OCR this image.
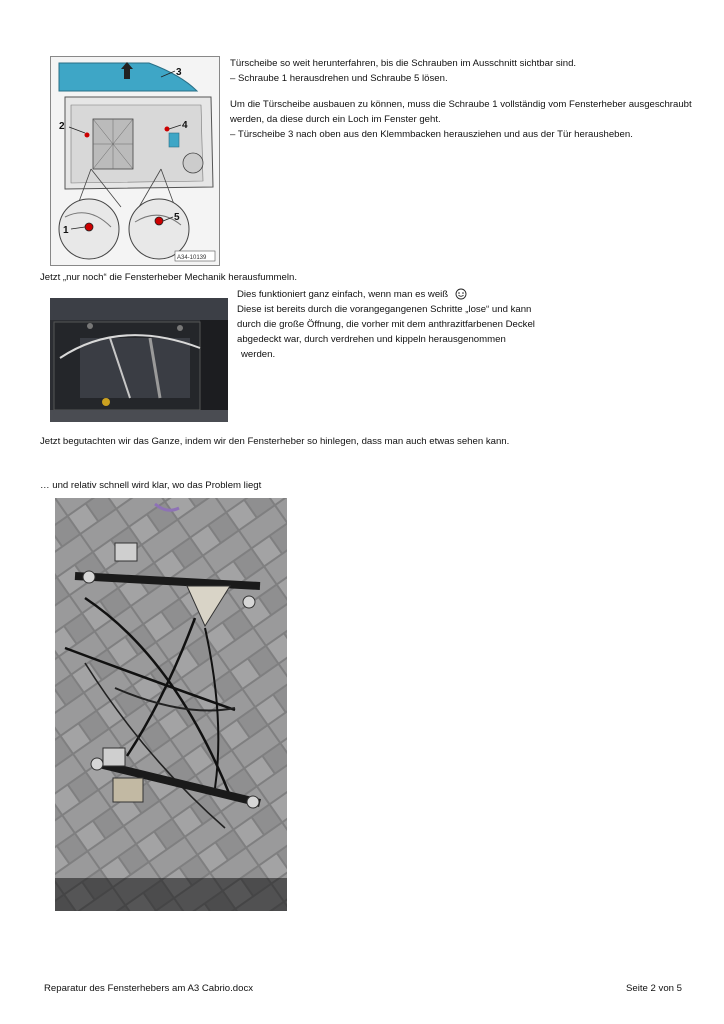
3
2	4
1
5
A34-10139

Türscheibe so weit herunterfahren, bis die Schrauben im Ausschnitt sichtbar sind.

– Schraube 1 herausdrehen und Schraube 5 lösen.

Um die Türscheibe ausbauen zu können, muss die Schraube 1 vollständig vom Fensterheber ausgeschraubt

werden, da diese durch ein Loch im Fenster geht.

– Türscheibe 3 nach oben aus den Klemmbacken herausziehen und aus der Tür herausheben.

Jetzt „nur noch“ die Fensterheber Mechanik herausfummeln.

Dies funktioniert ganz einfach, wenn man es weiß

Diese ist bereits durch die vorangegangenen Schritte „lose“ und kann

durch die große Öffnung, die vorher mit dem anthrazitfarbenen Deckel

abgedeckt war, durch verdrehen und kippeln herausgenommen

werden.

Jetzt begutachten wir das Ganze, indem wir den Fensterheber so hinlegen, dass man auch etwas sehen kann.

… und relativ schnell wird klar, wo das Problem liegt

Reparatur des Fensterhebers am A3 Cabrio.docx	Seite 2 von 5
